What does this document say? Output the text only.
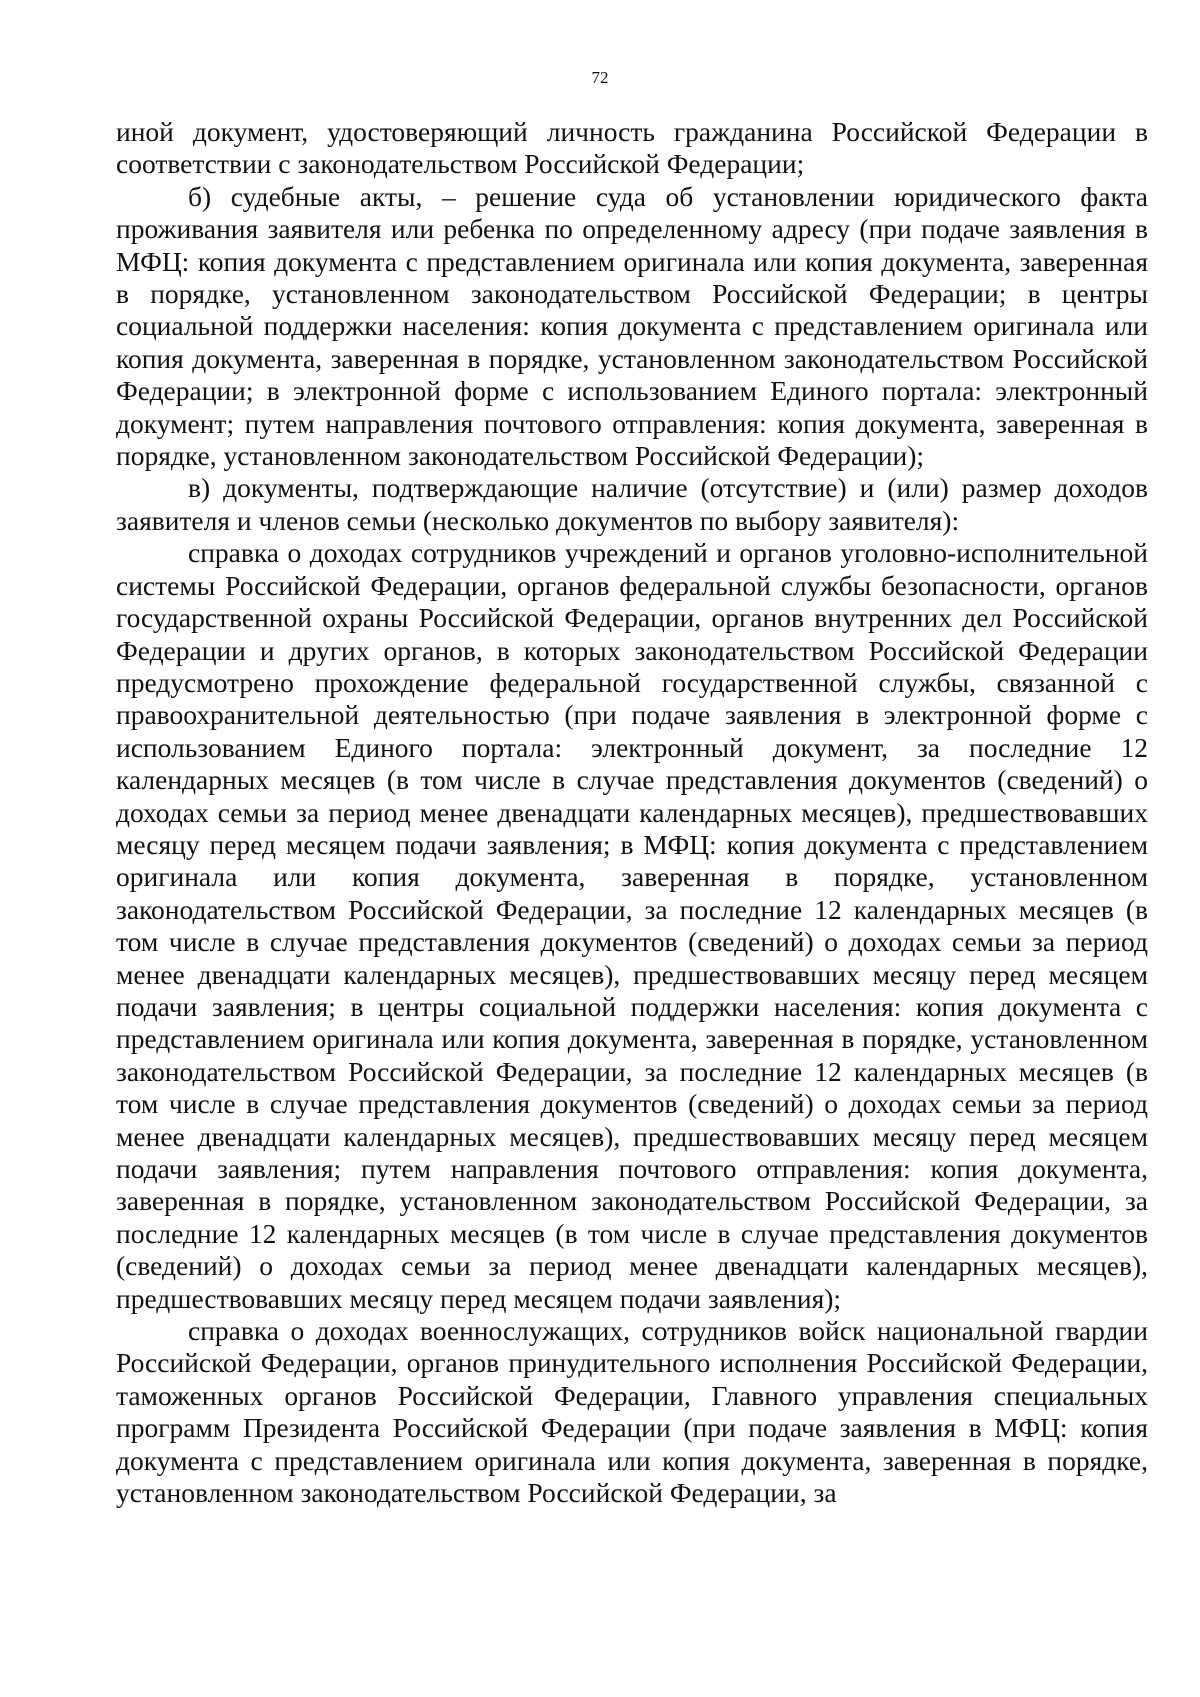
72

иной документ, удостоверяющий личность гражданина Российской Федерации в соответствии с законодательством Российской Федерации;

б) судебные акты, – решение суда об установлении юридического факта проживания заявителя или ребенка по определенному адресу (при подаче заявления в МФЦ: копия документа с представлением оригинала или копия документа, заверенная в порядке, установленном законодательством Российской Федерации; в центры социальной поддержки населения: копия документа с представлением оригинала или копия документа, заверенная в порядке, установленном законодательством Российской Федерации; в электронной форме с использованием Единого портала: электронный документ; путем направления почтового отправления: копия документа, заверенная в порядке, установленном законодательством Российской Федерации);

в) документы, подтверждающие наличие (отсутствие) и (или) размер доходов заявителя и членов семьи (несколько документов по выбору заявителя):

справка о доходах сотрудников учреждений и органов уголовно-исполнительной системы Российской Федерации, органов федеральной службы безопасности, органов государственной охраны Российской Федерации, органов внутренних дел Российской Федерации и других органов, в которых законодательством Российской Федерации предусмотрено прохождение федеральной государственной службы, связанной с правоохранительной деятельностью (при подаче заявления в электронной форме с использованием Единого портала: электронный документ, за последние 12 календарных месяцев (в том числе в случае представления документов (сведений) о доходах семьи за период менее двенадцати календарных месяцев), предшествовавших месяцу перед месяцем подачи заявления; в МФЦ: копия документа с представлением оригинала или копия документа, заверенная в порядке, установленном законодательством Российской Федерации, за последние 12 календарных месяцев (в том числе в случае представления документов (сведений) о доходах семьи за период менее двенадцати календарных месяцев), предшествовавших месяцу перед месяцем подачи заявления; в центры социальной поддержки населения: копия документа с представлением оригинала или копия документа, заверенная в порядке, установленном законодательством Российской Федерации, за последние 12 календарных месяцев (в том числе в случае представления документов (сведений) о доходах семьи за период менее двенадцати календарных месяцев), предшествовавших месяцу перед месяцем подачи заявления; путем направления почтового отправления: копия документа, заверенная в порядке, установленном законодательством Российской Федерации, за последние 12 календарных месяцев (в том числе в случае представления документов (сведений) о доходах семьи за период менее двенадцати календарных месяцев), предшествовавших месяцу перед месяцем подачи заявления);

справка о доходах военнослужащих, сотрудников войск национальной гвардии Российской Федерации, органов принудительного исполнения Российской Федерации, таможенных органов Российской Федерации, Главного управления специальных программ Президента Российской Федерации (при подаче заявления в МФЦ: копия документа с представлением оригинала или копия документа, заверенная в порядке, установленном законодательством Российской Федерации, за
